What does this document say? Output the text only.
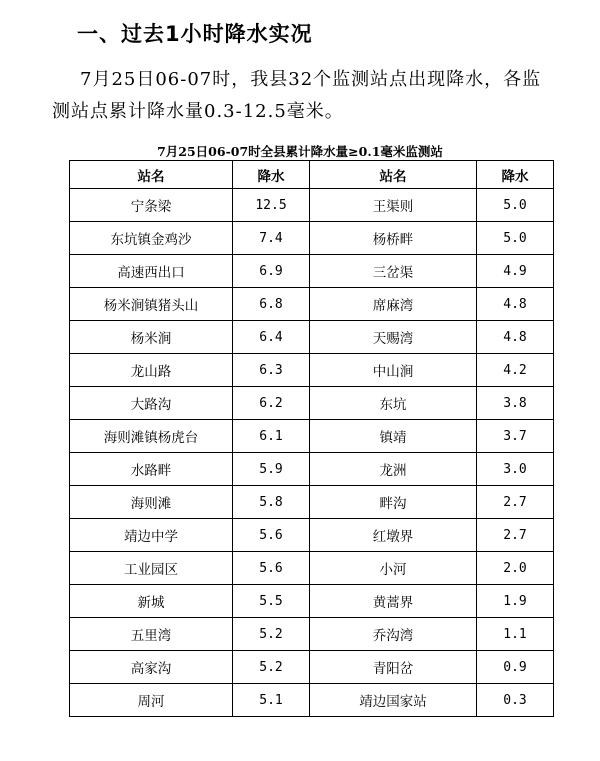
一、过去1小时降水实况
7月25日06-07时，我县32个监测站点出现降水，各监测站点累计降水量0.3-12.5毫米。
7月25日06-07时全县累计降水量≥0.1毫米监测站
站名	降水	站名	降水
宁条梁	12.5	王渠则	5.0
东坑镇金鸡沙	7.4	杨桥畔	5.0
高速西出口	6.9	三岔渠	4.9
杨米涧镇猪头山	6.8	席麻湾	4.8
杨米涧	6.4	天赐湾	4.8
龙山路	6.3	中山涧	4.2
大路沟	6.2	东坑	3.8
海则滩镇杨虎台	6.1	镇靖	3.7
水路畔	5.9	龙洲	3.0
海则滩	5.8	畔沟	2.7
靖边中学	5.6	红墩界	2.7
工业园区	5.6	小河	2.0
新城	5.5	黄蒿界	1.9
五里湾	5.2	乔沟湾	1.1
高家沟	5.2	青阳岔	0.9
周河	5.1	靖边国家站	0.3
